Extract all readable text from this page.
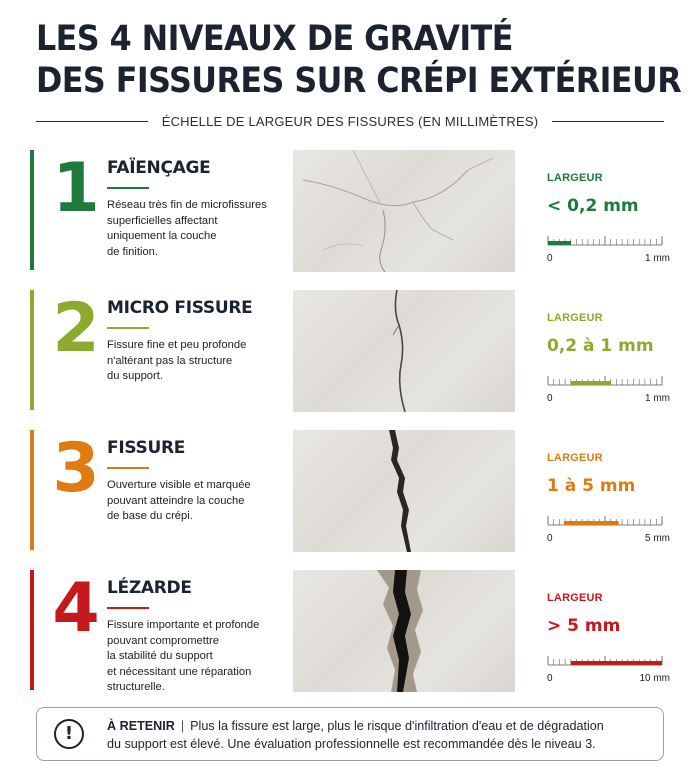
LES 4 NIVEAUX DE GRAVITÉ
DES FISSURES SUR CRÉPI EXTÉRIEUR
ÉCHELLE DE LARGEUR DES FISSURES (EN MILLIMÈTRES)
1 FAÏENÇAGE
Réseau très fin de microfissures
superficielles affectant
uniquement la couche
de finition.
LARGEUR
< 0,2 mm
0	1 mm
2 MICRO FISSURE
Fissure fine et peu profonde
n'altérant pas la structure
du support.
LARGEUR
0,2 à 1 mm
0	1 mm
3 FISSURE
Ouverture visible et marquée
pouvant atteindre la couche
de base du crépi.
LARGEUR
1 à 5 mm
0	5 mm
4 LÉZARDE
Fissure importante et profonde
pouvant compromettre
la stabilité du support
et nécessitant une réparation
structurelle.
LARGEUR
> 5 mm
0	10 mm
!	À RETENIR | Plus la fissure est large, plus le risque d'infiltration d'eau et de dégradation
du support est élevé. Une évaluation professionnelle est recommandée dès le niveau 3.
